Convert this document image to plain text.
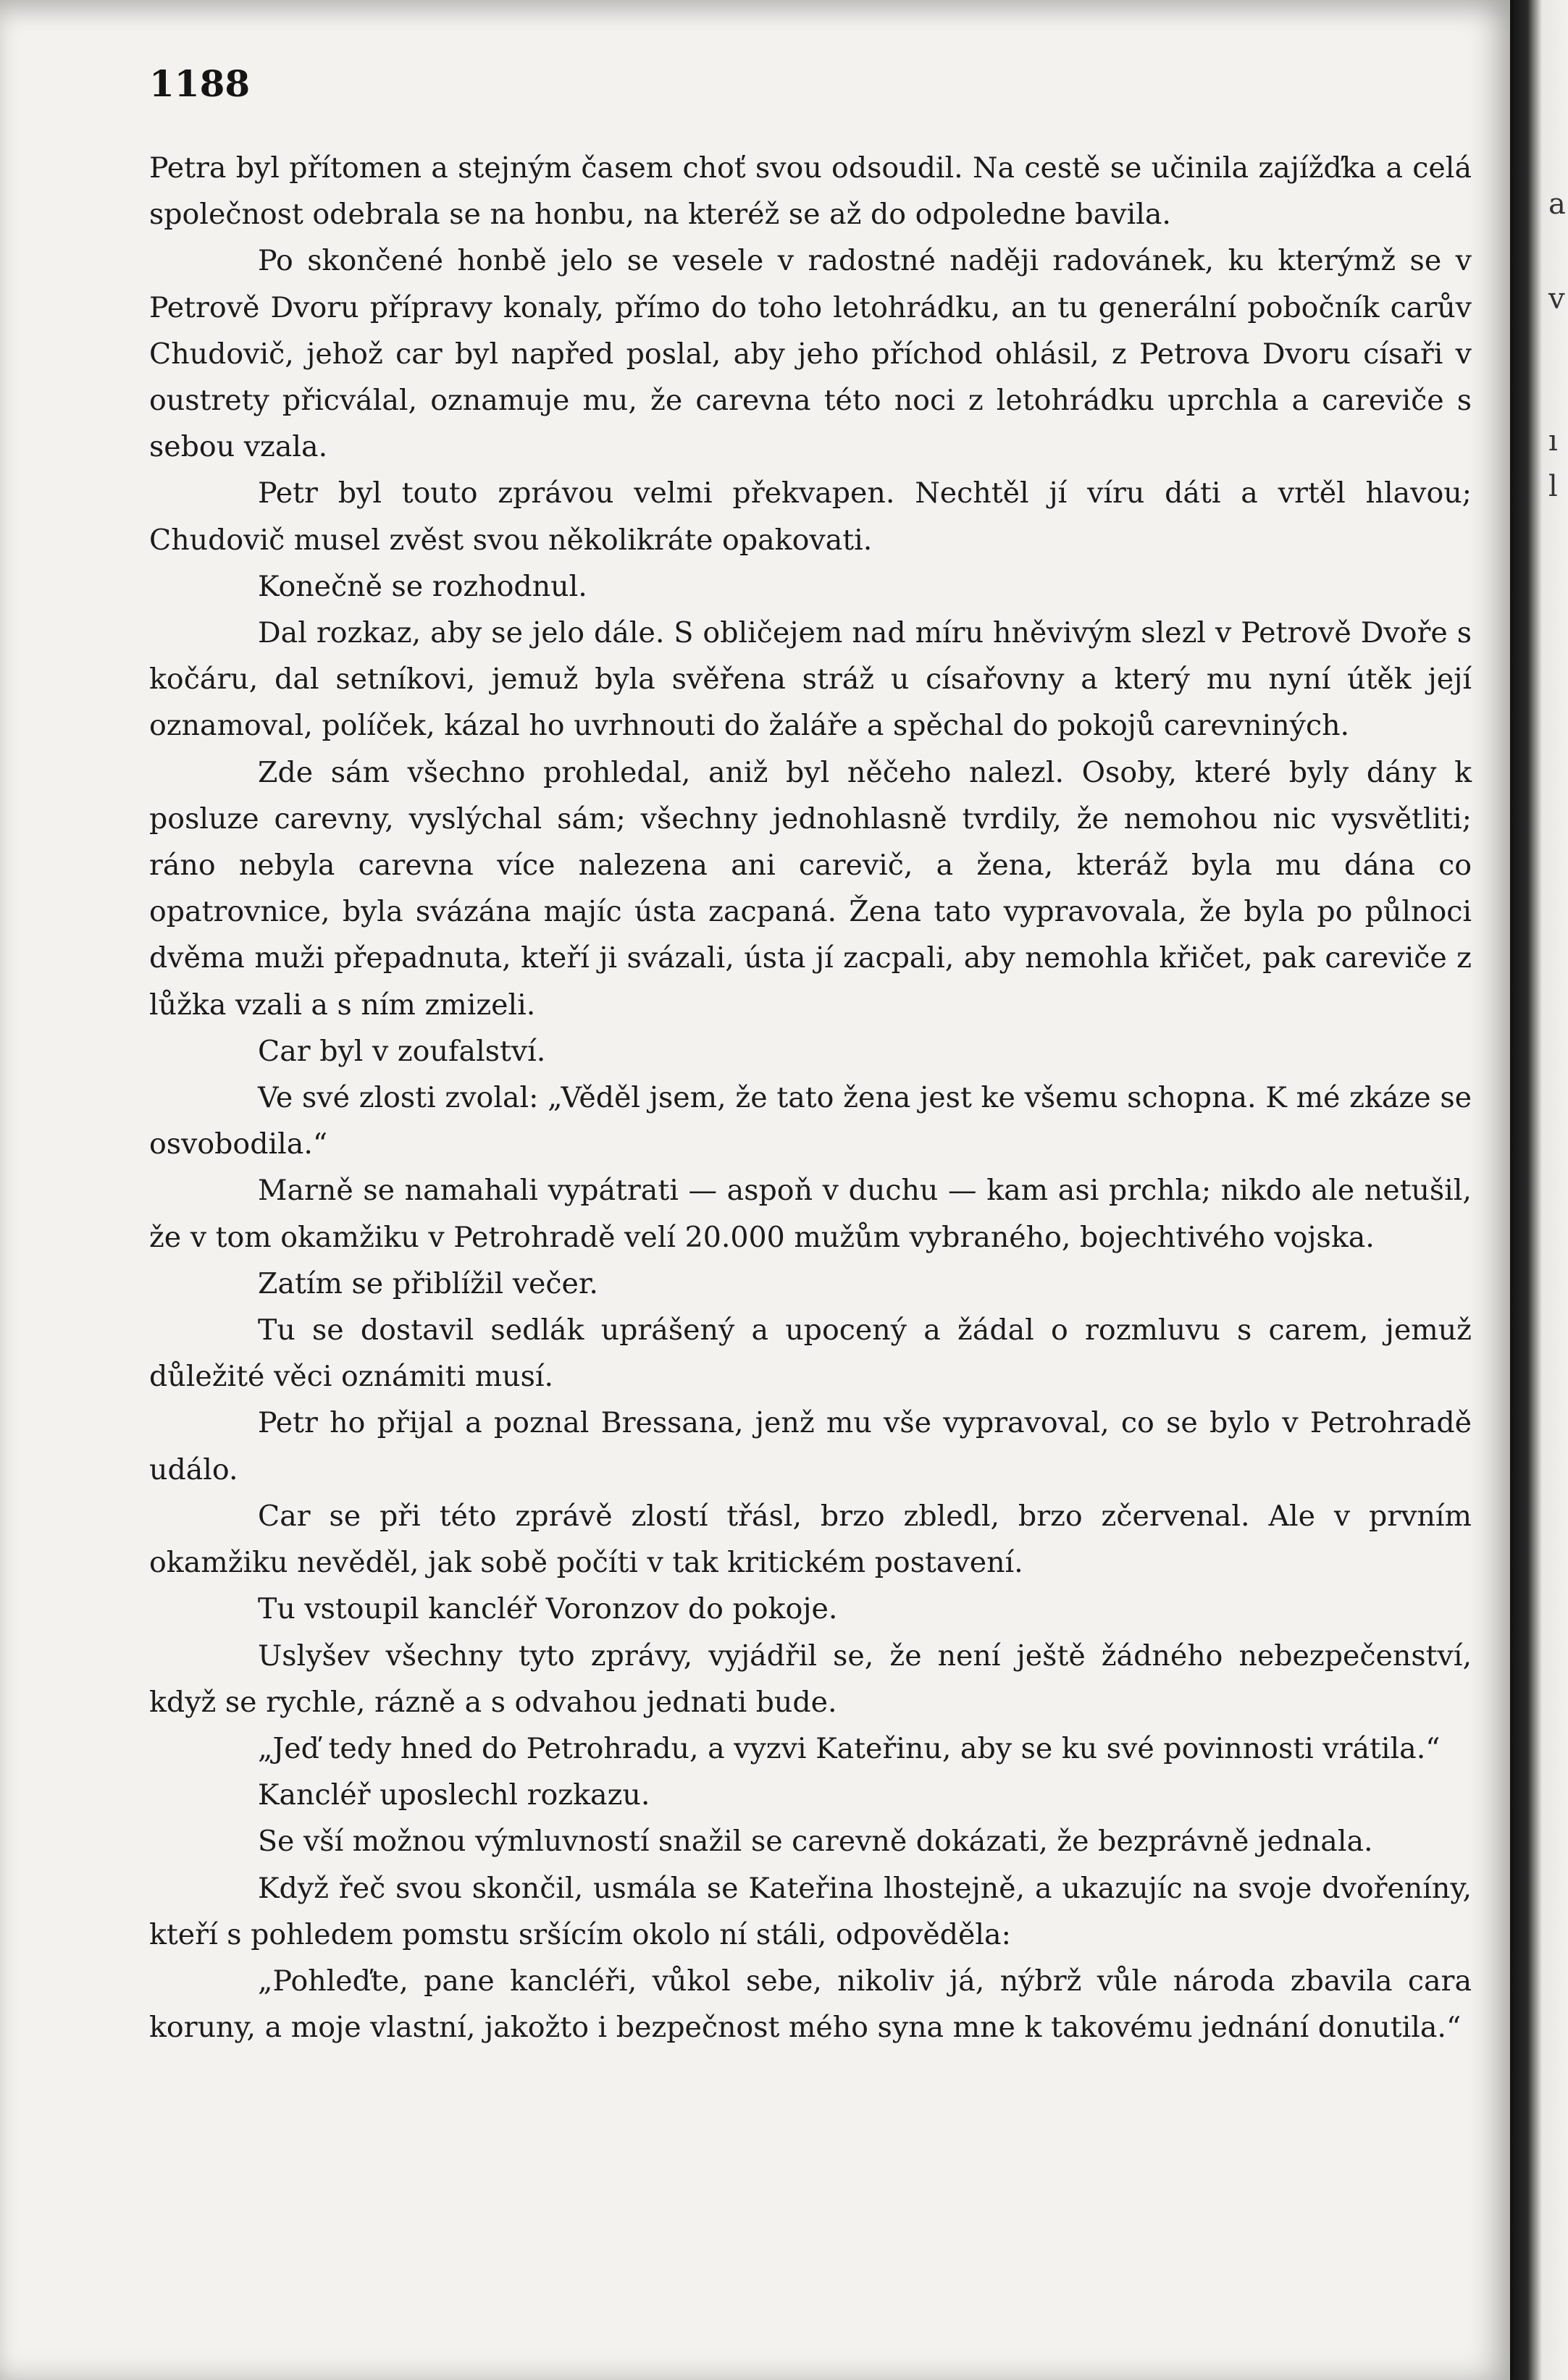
1188

Petra byl přítomen a stejným časem choť svou odsoudil. Na cestě se učinila zajížďka a celá společnost odebrala se na honbu, na kteréž se až do odpoledne bavila.

Po skončené honbě jelo se vesele v radostné naději radovánek, ku kterýmž se v Petrově Dvoru přípravy konaly, přímo do toho letohrádku, an tu generální pobočník carův Chudovič, jehož car byl napřed poslal, aby jeho příchod ohlásil, z Petrova Dvoru císaři v oustrety přicválal, oznamuje mu, že carevna této noci z letohrádku uprchla a careviče s sebou vzala.

Petr byl touto zprávou velmi překvapen. Nechtěl jí víru dáti a vrtěl hlavou; Chudovič musel zvěst svou několikráte opakovati.

Konečně se rozhodnul.

Dal rozkaz, aby se jelo dále. S obličejem nad míru hněvivým slezl v Petrově Dvoře s kočáru, dal setníkovi, jemuž byla svěřena stráž u císařovny a který mu nyní útěk její oznamoval, políček, kázal ho uvrhnouti do žaláře a spěchal do pokojů carevniných.

Zde sám všechno prohledal, aniž byl něčeho nalezl. Osoby, které byly dány k posluze carevny, vyslýchal sám; všechny jednohlasně tvrdily, že nemohou nic vysvětliti; ráno nebyla carevna více nalezena ani carevič, a žena, kteráž byla mu dána co opatrovnice, byla svázána majíc ústa zacpaná. Žena tato vypravovala, že byla po půlnoci dvěma muži přepadnuta, kteří ji svázali, ústa jí zacpali, aby nemohla křičet, pak careviče z lůžka vzali a s ním zmizeli.

Car byl v zoufalství.

Ve své zlosti zvolal: „Věděl jsem, že tato žena jest ke všemu schopna. K mé zkáze se osvobodila.“

Marně se namahali vypátrati — aspoň v duchu — kam asi prchla; nikdo ale netušil, že v tom okamžiku v Petrohradě velí 20.000 mužům vybraného, bojechtivého vojska.

Zatím se přiblížil večer.

Tu se dostavil sedlák uprášený a upocený a žádal o rozmluvu s carem, jemuž důležité věci oznámiti musí.

Petr ho přijal a poznal Bressana, jenž mu vše vypravoval, co se bylo v Petrohradě událo.

Car se při této zprávě zlostí třásl, brzo zbledl, brzo zčervenal. Ale v prvním okamžiku nevěděl, jak sobě počíti v tak kritickém postavení.

Tu vstoupil kancléř Voronzov do pokoje.

Uslyšev všechny tyto zprávy, vyjádřil se, že není ještě žádného nebezpečenství, když se rychle, rázně a s odvahou jednati bude.

„Jeď tedy hned do Petrohradu, a vyzvi Kateřinu, aby se ku své povinnosti vrátila.“

Kancléř uposlechl rozkazu.

Se vší možnou výmluvností snažil se carevně dokázati, že bezprávně jednala.

Když řeč svou skončil, usmála se Kateřina lhostejně, a ukazujíc na svoje dvořeníny, kteří s pohledem pomstu sršícím okolo ní stáli, odpověděla:

„Pohleďte, pane kancléři, vůkol sebe, nikoliv já, nýbrž vůle národa zbavila cara koruny, a moje vlastní, jakožto i bezpečnost mého syna mne k takovému jednání donutila.“

a
v
ı
l
